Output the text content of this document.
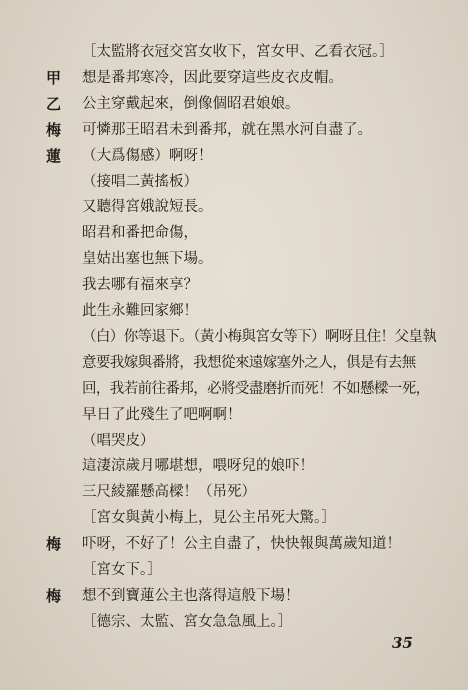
［太監將衣冠交宮女收下，宮女甲、乙看衣冠。］
甲	想是番邦寒冷，因此要穿這些皮衣皮帽。
乙	公主穿戴起來，倒像個昭君娘娘。
梅	可憐那王昭君未到番邦，就在黑水河自盡了。
蓮	（大爲傷感）啊呀！
（接唱二黃搖板）
又聽得宮娥說短長。
昭君和番把命傷，
皇姑出塞也無下場。
我去哪有福來享？
此生永難回家鄉！
（白）你等退下。（黃小梅與宮女等下）啊呀且住！父皇執
意要我嫁與番將，我想從來遠嫁塞外之人，俱是有去無
回，我若前往番邦，必將受盡磨折而死！不如懸樑一死，
早日了此殘生了吧啊啊！
（唱哭皮）
這淒涼歲月哪堪想，喂呀兒的娘吓！
三尺綾羅懸高樑！（吊死）
［宮女與黃小梅上，見公主吊死大驚。］
梅	吓呀，不好了！公主自盡了，快快報與萬歲知道！
［宮女下。］
梅	想不到寶蓮公主也落得這般下場！
［德宗、太監、宮女急急風上。］
35
